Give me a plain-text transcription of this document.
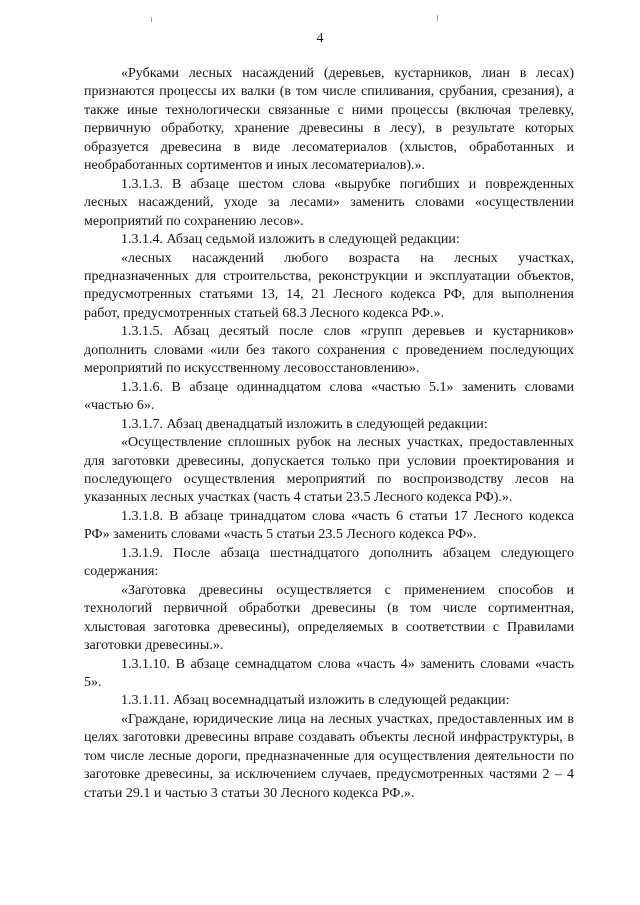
4

«Рубками лесных насаждений (деревьев, кустарников, лиан в лесах) признаются процессы их валки (в том числе спиливания, срубания, срезания), а также иные технологически связанные с ними процессы (включая трелевку, первичную обработку, хранение древесины в лесу), в результате которых образуется древесина в виде лесоматериалов (хлыстов, обработанных и необработанных сортиментов и иных лесоматериалов).».

1.3.1.3. В абзаце шестом слова «вырубке погибших и поврежденных лесных насаждений, уходе за лесами» заменить словами «осуществлении мероприятий по сохранению лесов».

1.3.1.4. Абзац седьмой изложить в следующей редакции:

«лесных насаждений любого возраста на лесных участках, предназначенных для строительства, реконструкции и эксплуатации объектов, предусмотренных статьями 13, 14, 21 Лесного кодекса РФ, для выполнения работ, предусмотренных статьей 68.3 Лесного кодекса РФ.».

1.3.1.5. Абзац десятый после слов «групп деревьев и кустарников» дополнить словами «или без такого сохранения с проведением последующих мероприятий по искусственному лесовосстановлению».

1.3.1.6. В абзаце одиннадцатом слова «частью 5.1» заменить словами «частью 6».

1.3.1.7. Абзац двенадцатый изложить в следующей редакции:

«Осуществление сплошных рубок на лесных участках, предоставленных для заготовки древесины, допускается только при условии проектирования и последующего осуществления мероприятий по воспроизводству лесов на указанных лесных участках (часть 4 статьи 23.5 Лесного кодекса РФ).».

1.3.1.8. В абзаце тринадцатом слова «часть 6 статьи 17 Лесного кодекса РФ» заменить словами «часть 5 статьи 23.5 Лесного кодекса РФ».

1.3.1.9. После абзаца шестнадцатого дополнить абзацем следующего содержания:

«Заготовка древесины осуществляется с применением способов и технологий первичной обработки древесины (в том числе сортиментная, хлыстовая заготовка древесины), определяемых в соответствии с Правилами заготовки древесины.».

1.3.1.10. В абзаце семнадцатом слова «часть 4» заменить словами «часть 5».

1.3.1.11. Абзац восемнадцатый изложить в следующей редакции:

«Граждане, юридические лица на лесных участках, предоставленных им в целях заготовки древесины вправе создавать объекты лесной инфраструктуры, в том числе лесные дороги, предназначенные для осуществления деятельности по заготовке древесины, за исключением случаев, предусмотренных частями 2 – 4 статьи 29.1 и частью 3 статьи 30 Лесного кодекса РФ.».
